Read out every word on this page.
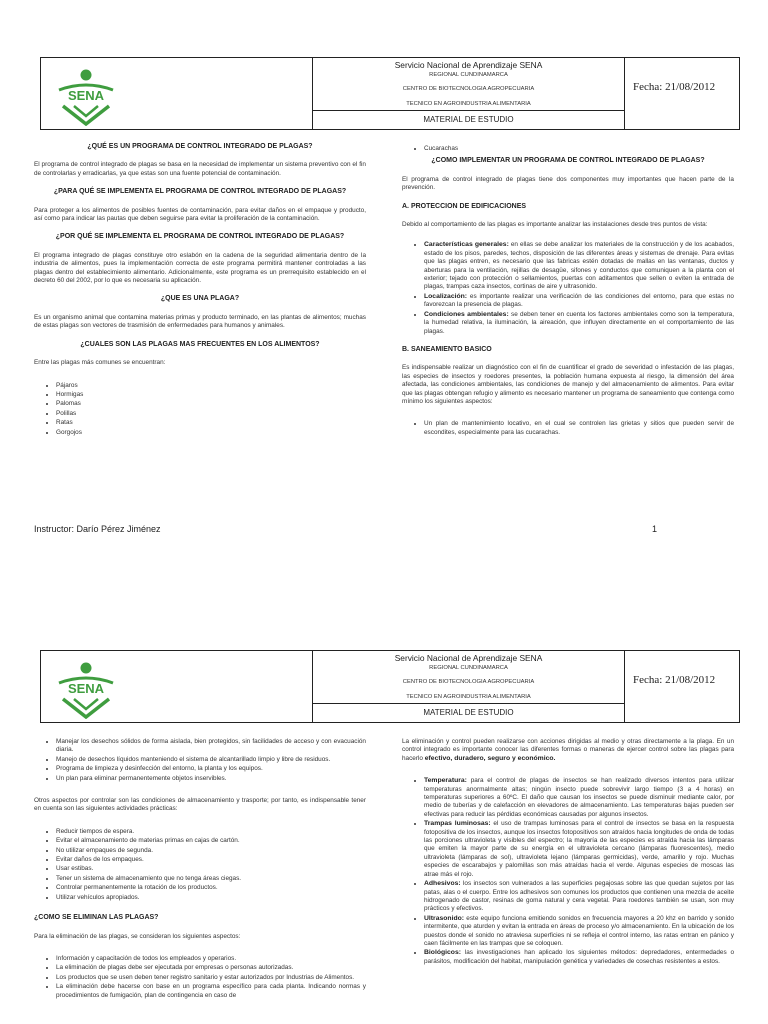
SENA
Servicio Nacional de Aprendizaje SENA
REGIONAL CUNDINAMARCA
CENTRO DE BIOTECNOLOGIA AGROPECUARIA
TECNICO EN AGROINDUSTRIA ALIMENTARIA
MATERIAL DE ESTUDIO
Fecha: 21/08/2012
¿QUÉ ES UN PROGRAMA DE CONTROL INTEGRADO DE PLAGAS?

El programa de control integrado de plagas se basa en la necesidad de implementar un sistema preventivo con el fin de controlarlas y erradicarlas, ya que estas son una fuente potencial de contaminación.

¿PARA QUÉ SE IMPLEMENTA EL PROGRAMA DE CONTROL INTEGRADO DE PLAGAS?

Para proteger a los alimentos de posibles fuentes de contaminación, para evitar daños en el empaque y producto, así como para indicar las pautas que deben seguirse para evitar la proliferación de la contaminación.

¿POR QUÉ SE IMPLEMENTA EL PROGRAMA DE CONTROL INTEGRADO DE PLAGAS?

El programa integrado de plagas constituye otro eslabón en la cadena de la seguridad alimentaria dentro de la industria de alimentos, pues la implementación correcta de este programa permitirá mantener controladas a las plagas dentro del establecimiento alimentario. Adicionalmente, este programa es un prerrequisito establecido en el decreto 60 del 2002, por lo que es necesaria su aplicación.

¿QUE ES UNA PLAGA?

Es un organismo animal que contamina materias primas y producto terminado, en las plantas de alimentos; muchas de estas plagas son vectores de trasmisión de enfermedades para humanos y animales.

¿CUALES SON LAS PLAGAS MAS FRECUENTES EN LOS ALIMENTOS?

Entre las plagas más comunes se encuentran:

• Pájaros
• Hormigas
• Palomas
• Polillas
• Ratas
• Gorgojos
• Cucarachas
¿COMO IMPLEMENTAR UN PROGRAMA DE CONTROL INTEGRADO DE PLAGAS?

El programa de control integrado de plagas tiene dos componentes muy importantes que hacen parte de la prevención.

A. PROTECCION DE EDIFICACIONES

Debido al comportamiento de las plagas es importante analizar las instalaciones desde tres puntos de vista:

• Características generales: en ellas se debe analizar los materiales de la construcción y de los acabados, estado de los pisos, paredes, techos, disposición de las diferentes áreas y sistemas de drenaje. Para evitas que las plagas entren, es necesario que las fabricas estén dotadas de mallas en las ventanas, ductos y aberturas para la ventilación, rejillas de desagüe, sifones y conductos que comuniquen a la planta con el exterior; tejado con protección o sellamientos, puertas con aditamentos que sellen o eviten la entrada de plagas, trampas caza insectos, cortinas de aire y ultrasonido.
• Localización: es importante realizar una verificación de las condiciones del entorno, para que estas no favorezcan la presencia de plagas.
• Condiciones ambientales: se deben tener en cuenta los factores ambientales como son la temperatura, la humedad relativa, la iluminación, la aireación, que influyen directamente en el comportamiento de las plagas.
B. SANEAMIENTO BASICO

Es indispensable realizar un diagnóstico con el fin de cuantificar el grado de severidad o infestación de las plagas, las especies de insectos y roedores presentes, la población humana expuesta al riesgo, la dimensión del área afectada, las condiciones ambientales, las condiciones de manejo y del almacenamiento de alimentos. Para evitar que las plagas obtengan refugio y alimento es necesario mantener un programa de saneamiento que contenga como mínimo los siguientes aspectos:

• Un plan de mantenimiento locativo, en el cual se controlen las grietas y sitios que pueden servir de escondites, especialmente para las cucarachas.
Instructor: Darío Pérez Jiménez	1
SENA
Servicio Nacional de Aprendizaje SENA
REGIONAL CUNDINAMARCA
CENTRO DE BIOTECNOLOGIA AGROPECUARIA
TECNICO EN AGROINDUSTRIA ALIMENTARIA
MATERIAL DE ESTUDIO
Fecha: 21/08/2012
• Manejar los desechos sólidos de forma aislada, bien protegidos, sin facilidades de acceso y con evacuación diaria.
• Manejo de desechos líquidos manteniendo el sistema de alcantarillado limpio y libre de residuos.
• Programa de limpieza y desinfección del entorno, la planta y los equipos.
• Un plan para eliminar permanentemente objetos inservibles.

Otros aspectos por controlar son las condiciones de almacenamiento y trasporte; por tanto, es indispensable tener en cuenta son las siguientes actividades prácticas:

• Reducir tiempos de espera.
• Evitar el almacenamiento de materias primas en cajas de cartón.
• No utilizar empaques de segunda.
• Evitar daños de los empaques.
• Usar estibas.
• Tener un sistema de almacenamiento que no tenga áreas ciegas.
• Controlar permanentemente la rotación de los productos.
• Utilizar vehículos apropiados.
¿COMO SE ELIMINAN LAS PLAGAS?

Para la eliminación de las plagas, se consideran los siguientes aspectos:

• Información y capacitación de todos los empleados y operarios.
• La eliminación de plagas debe ser ejecutada por empresas o personas autorizadas.
• Los productos que se usen deben tener registro sanitario y estar autorizados por Industrias de Alimentos.
• La eliminación debe hacerse con base en un programa específico para cada planta. Indicando normas y procedimientos de fumigación, plan de contingencia en caso de

La eliminación y control pueden realizarse con acciones dirigidas al medio y otras directamente a la plaga. En un control integrado es importante conocer las diferentes formas o maneras de ejercer control sobre las plagas para hacerlo efectivo, duradero, seguro y económico.

• Temperatura: para el control de plagas de insectos se han realizado diversos intentos para utilizar temperaturas anormalmente altas; ningún insecto puede sobrevivir largo tiempo (3 a 4 horas) en temperaturas superiores a 60ºC. El daño que causan los insectos se puede disminuir mediante calor, por medio de tuberías y de calefacción en elevadores de almacenamiento. Las temperaturas bajas pueden ser efectivas para reducir las pérdidas económicas causadas por algunos insectos.
• Trampas luminosas: el uso de trampas luminosas para el control de insectos se basa en la respuesta fotopositiva de los insectos, aunque los insectos fotopositivos son atraídos hacia longitudes de onda de todas las porciones ultravioleta y visibles del espectro; la mayoría de las especies es atraída hacia las lámparas que emiten la mayor parte de su energía en el ultravioleta cercano (lámparas fluorescentes), medio ultravioleta (lámparas de sol), ultravioleta lejano (lámparas germicidas), verde, amarillo y rojo. Muchas especies de escarabajos y palomillas son más atraídas hacia el verde. Algunas especies de moscas las atrae más el rojo.
• Adhesivos: los insectos son vulnerados a las superficies pegajosas sobre las que quedan sujetos por las patas, alas o el cuerpo. Entre los adhesivos son comunes los productos que contienen una mezcla de aceite hidrogenado de castor, resinas de goma natural y cera vegetal. Para roedores también se usan, son muy prácticos y efectivos.
• Ultrasonido: este equipo funciona emitiendo sonidos en frecuencia mayores a 20 khz en barrido y sonido intermitente, que aturden y evitan la entrada en áreas de proceso y/o almacenamiento. En la ubicación de los puestos donde el sonido no atraviesa superficies ni se refleja el control interno, las ratas entran en pánico y caen fácilmente en las trampas que se coloquen.
• Biológicos: las investigaciones han aplicado los siguientes métodos: depredadores, entermedades o parásitos, modificación del habitat, manipulación genética y variedades de cosechas resistentes a estos.
